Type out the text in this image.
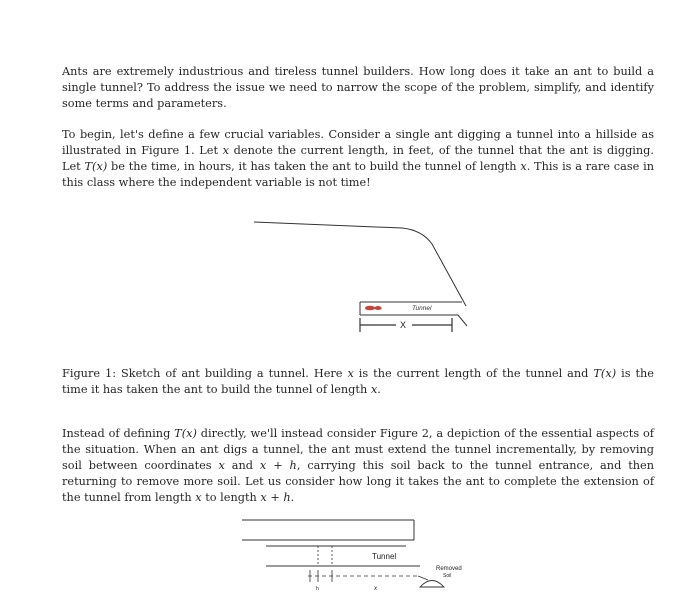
Ants are extremely industrious and tireless tunnel builders. How long does it take an ant to build a single tunnel? To address the issue we need to narrow the scope of the problem, simplify, and identify some terms and parameters.

To begin, let's define a few crucial variables. Consider a single ant digging a tunnel into a hillside as illustrated in Figure 1. Let x denote the current length, in feet, of the tunnel that the ant is digging. Let T(x) be the time, in hours, it has taken the ant to build the tunnel of length x. This is a rare case in this class where the independent variable is not time!

Tunnel
X

Figure 1: Sketch of ant building a tunnel. Here x is the current length of the tunnel and T(x) is the time it has taken the ant to build the tunnel of length x.

Instead of defining T(x) directly, we'll instead consider Figure 2, a depiction of the essential aspects of the situation. When an ant digs a tunnel, the ant must extend the tunnel incrementally, by removing soil between coordinates x and x + h, carrying this soil back to the tunnel entrance, and then returning to remove more soil. Let us consider how long it takes the ant to complete the extension of the tunnel from length x to length x + h.

Tunnel
h	x
Removed
Soil
